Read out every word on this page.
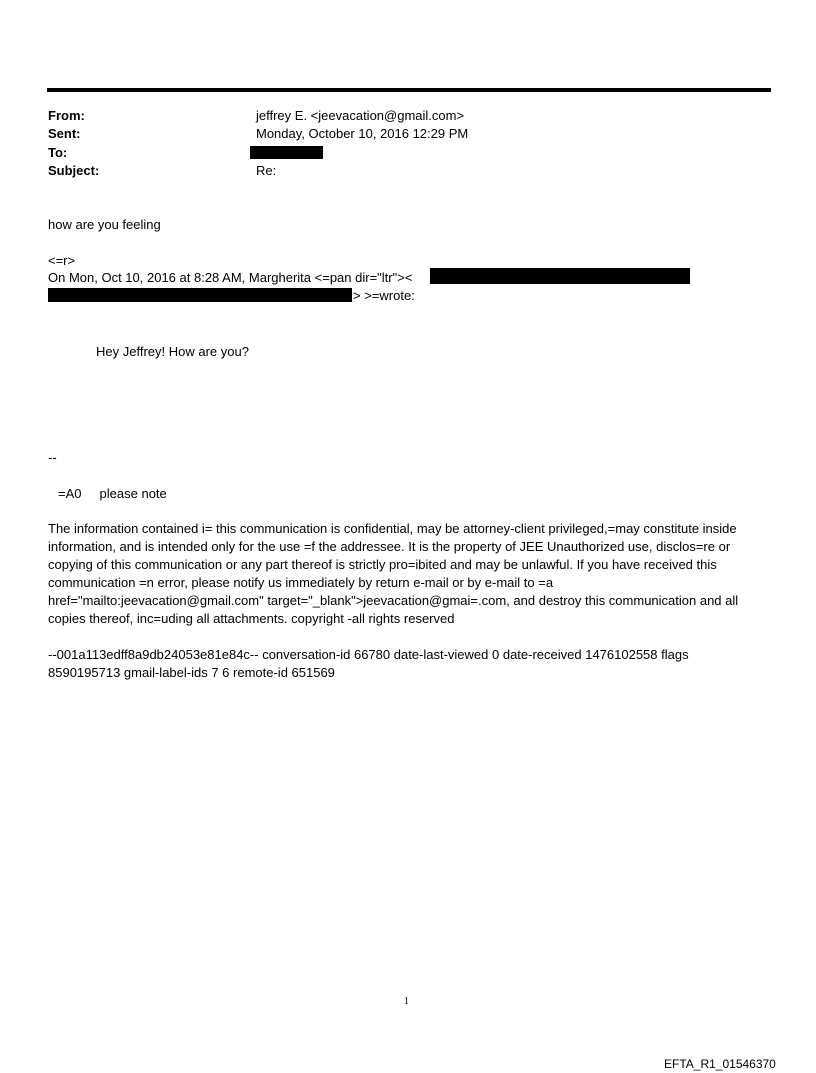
From:	jeffrey E. <jeevacation@gmail.com>
Sent:	Monday, October 10, 2016 12:29 PM
To:
Subject:	Re:
how are you feeling
<=r>
On Mon, Oct 10, 2016 at 8:28 AM, Margherita <=pan dir="ltr"><
> >=wrote:
Hey Jeffrey! How are you?
--
=A0     please note
The information contained i= this communication is confidential, may be attorney-client privileged,=may constitute inside information, and is intended only for the use =f the addressee. It is the property of JEE Unauthorized use, disclos=re or copying of this communication or any part thereof is strictly pro=ibited and may be unlawful. If you have received this communication =n error, please notify us immediately by return e-mail or by e-mail to =a href="mailto:jeevacation@gmail.com" target="_blank">jeevacation@gmai=.com, and destroy this communication and all copies thereof, inc=uding all attachments. copyright -all rights reserved
--001a113edff8a9db24053e81e84c-- conversation-id 66780 date-last-viewed 0 date-received 1476102558 flags 8590195713 gmail-label-ids 7 6 remote-id 651569
1
EFTA_R1_01546370
